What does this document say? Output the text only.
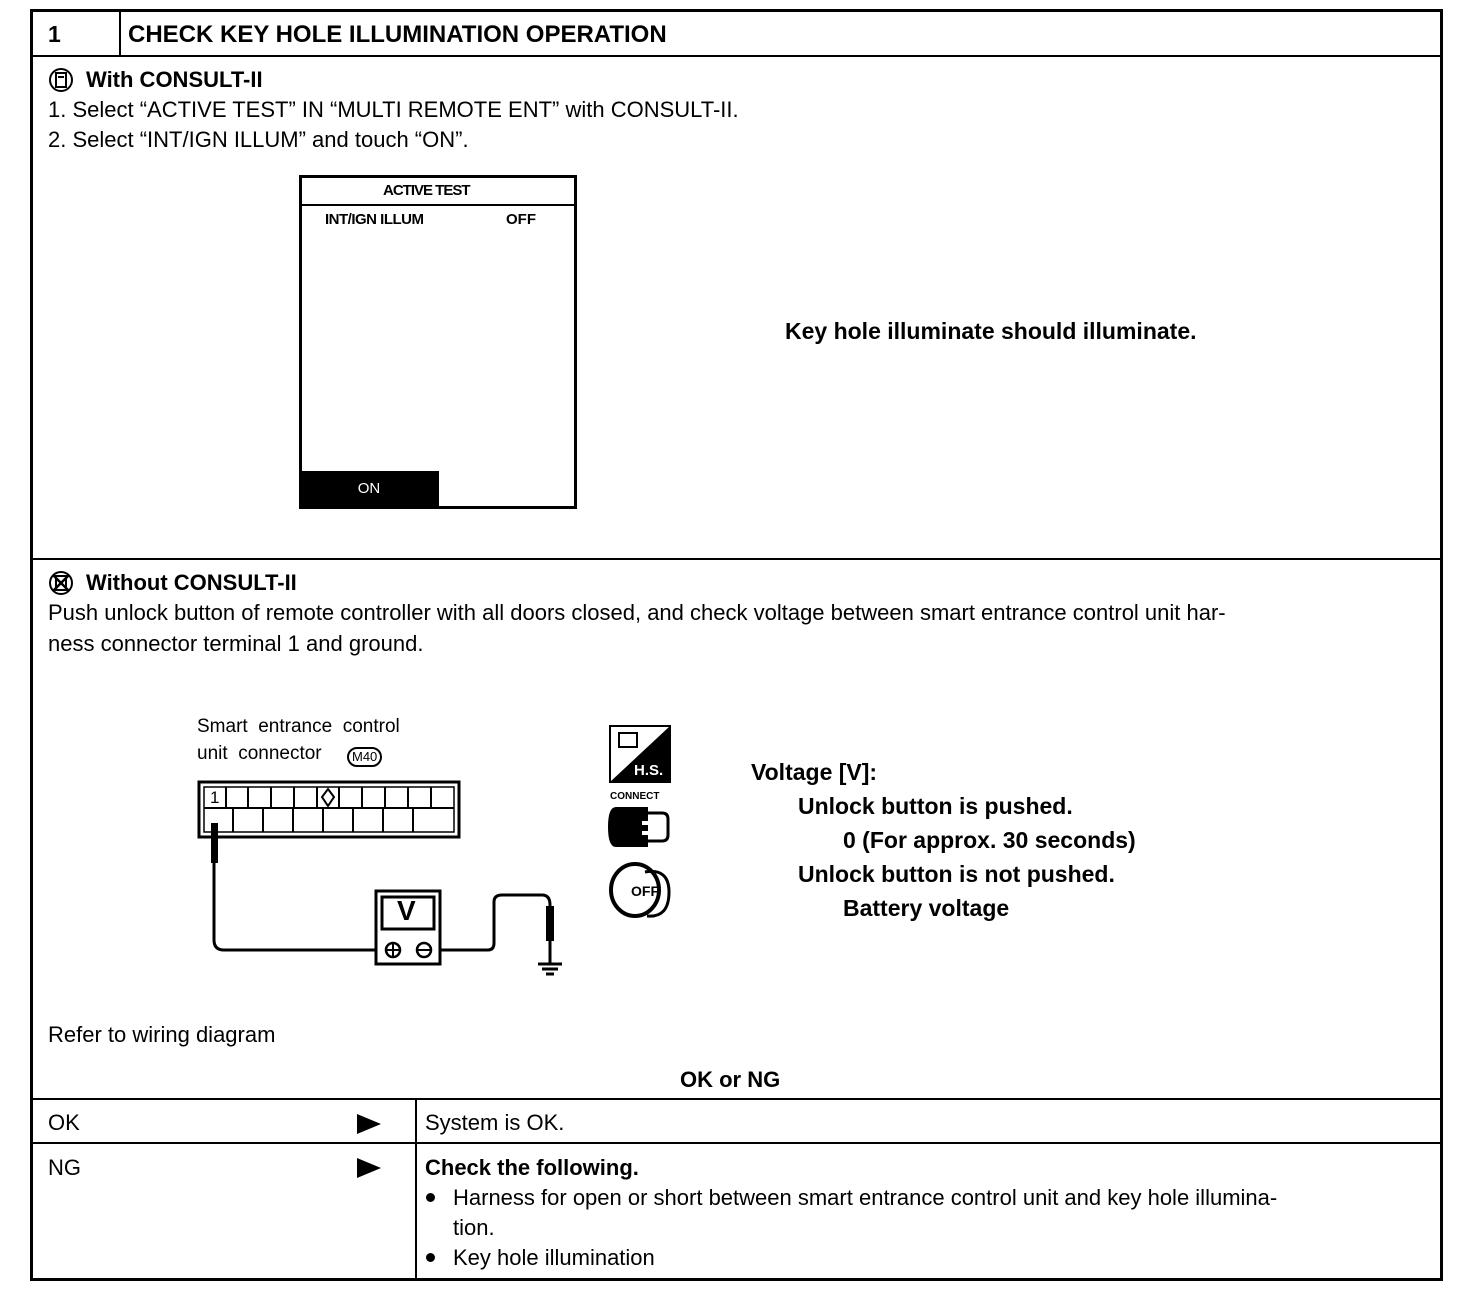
1	CHECK KEY HOLE ILLUMINATION OPERATION
With CONSULT-II
1. Select “ACTIVE TEST” IN “MULTI REMOTE ENT” with CONSULT-II.
2. Select “INT/IGN ILLUM” and touch “ON”.
ACTIVE TEST
INT/IGN ILLUM	OFF
ON
Key hole illuminate should illuminate.
Without CONSULT-II
Push unlock button of remote controller with all doors closed, and check voltage between smart entrance control unit har-
ness connector terminal 1 and ground.
Smart  entrance  control
unit  connector	M40
1
V
H.S.
CONNECT
OFF
Voltage [V]:
Unlock button is pushed.
0 (For approx. 30 seconds)
Unlock button is not pushed.
Battery voltage
Refer to wiring diagram
OK or NG
OK	System is OK.
NG	Check the following.
Harness for open or short between smart entrance control unit and key hole illumina-
tion.
Key hole illumination
